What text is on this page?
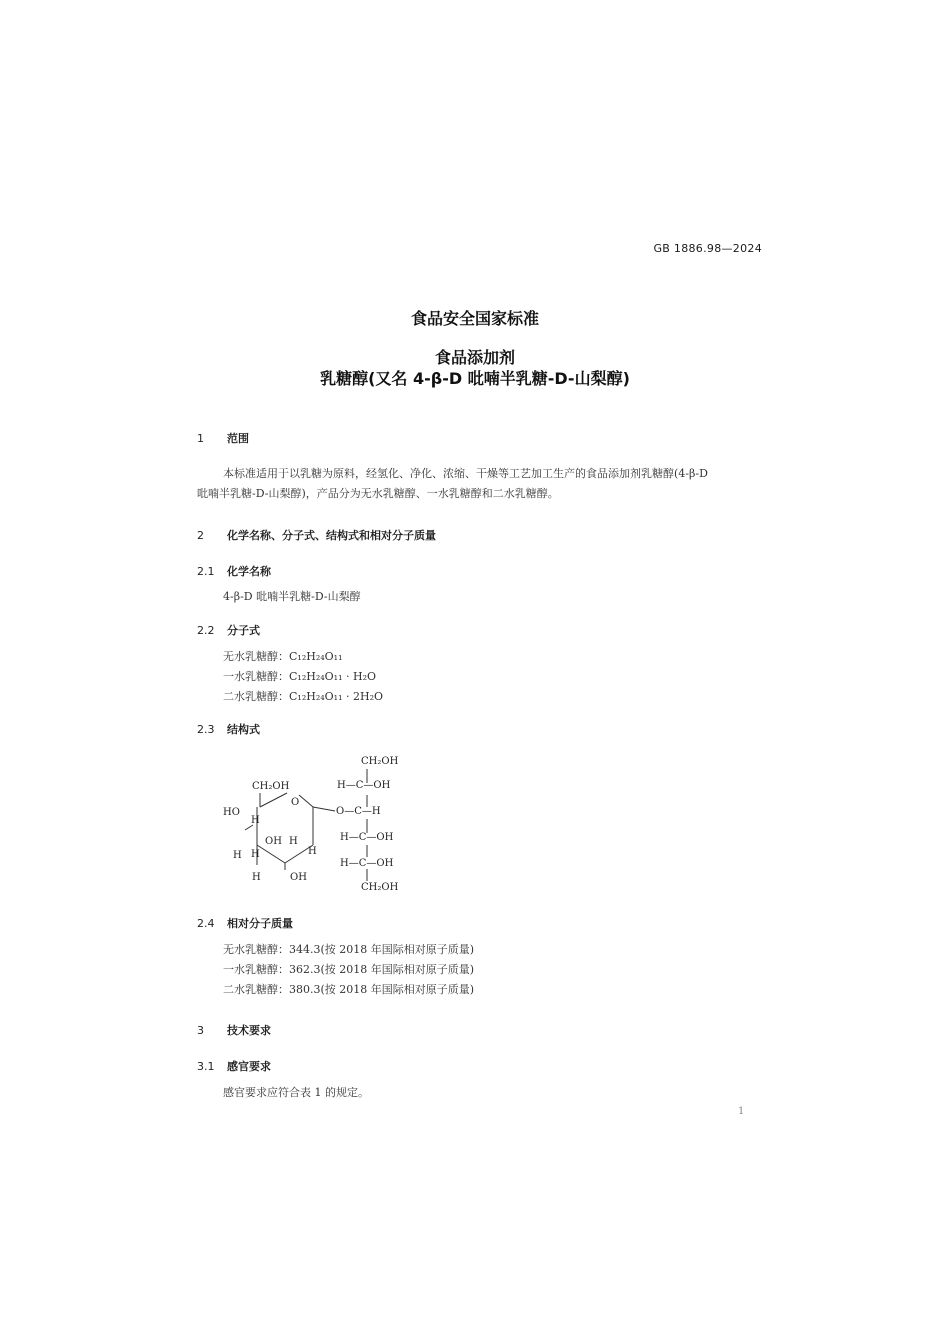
GB 1886.98—2024
食品安全国家标准
食品添加剂
乳糖醇(又名 4-β-D 吡喃半乳糖-D-山梨醇)
1 范围
本标准适用于以乳糖为原料，经氢化、净化、浓缩、干燥等工艺加工生产的食品添加剂乳糖醇(4-β-D
吡喃半乳糖-D-山梨醇)，产品分为无水乳糖醇、一水乳糖醇和二水乳糖醇。
2 化学名称、分子式、结构式和相对分子质量
2.1 化学名称
4-β-D 吡喃半乳糖-D-山梨醇
2.2 分子式
无水乳糖醇：C₁₂H₂₄O₁₁
一水乳糖醇：C₁₂H₂₄O₁₁ · H₂O
二水乳糖醇：C₁₂H₂₄O₁₁ · 2H₂O
2.3 结构式
CH₂OH
O
HO
H
H
H
H
OH
H
H	OH
O—C—H
CH₂OH
H—C—OH
H—C—OH
H—C—OH
CH₂OH
2.4 相对分子质量
无水乳糖醇：344.3(按 2018 年国际相对原子质量)
一水乳糖醇：362.3(按 2018 年国际相对原子质量)
二水乳糖醇：380.3(按 2018 年国际相对原子质量)
3 技术要求
3.1 感官要求
感官要求应符合表 1 的规定。
1
